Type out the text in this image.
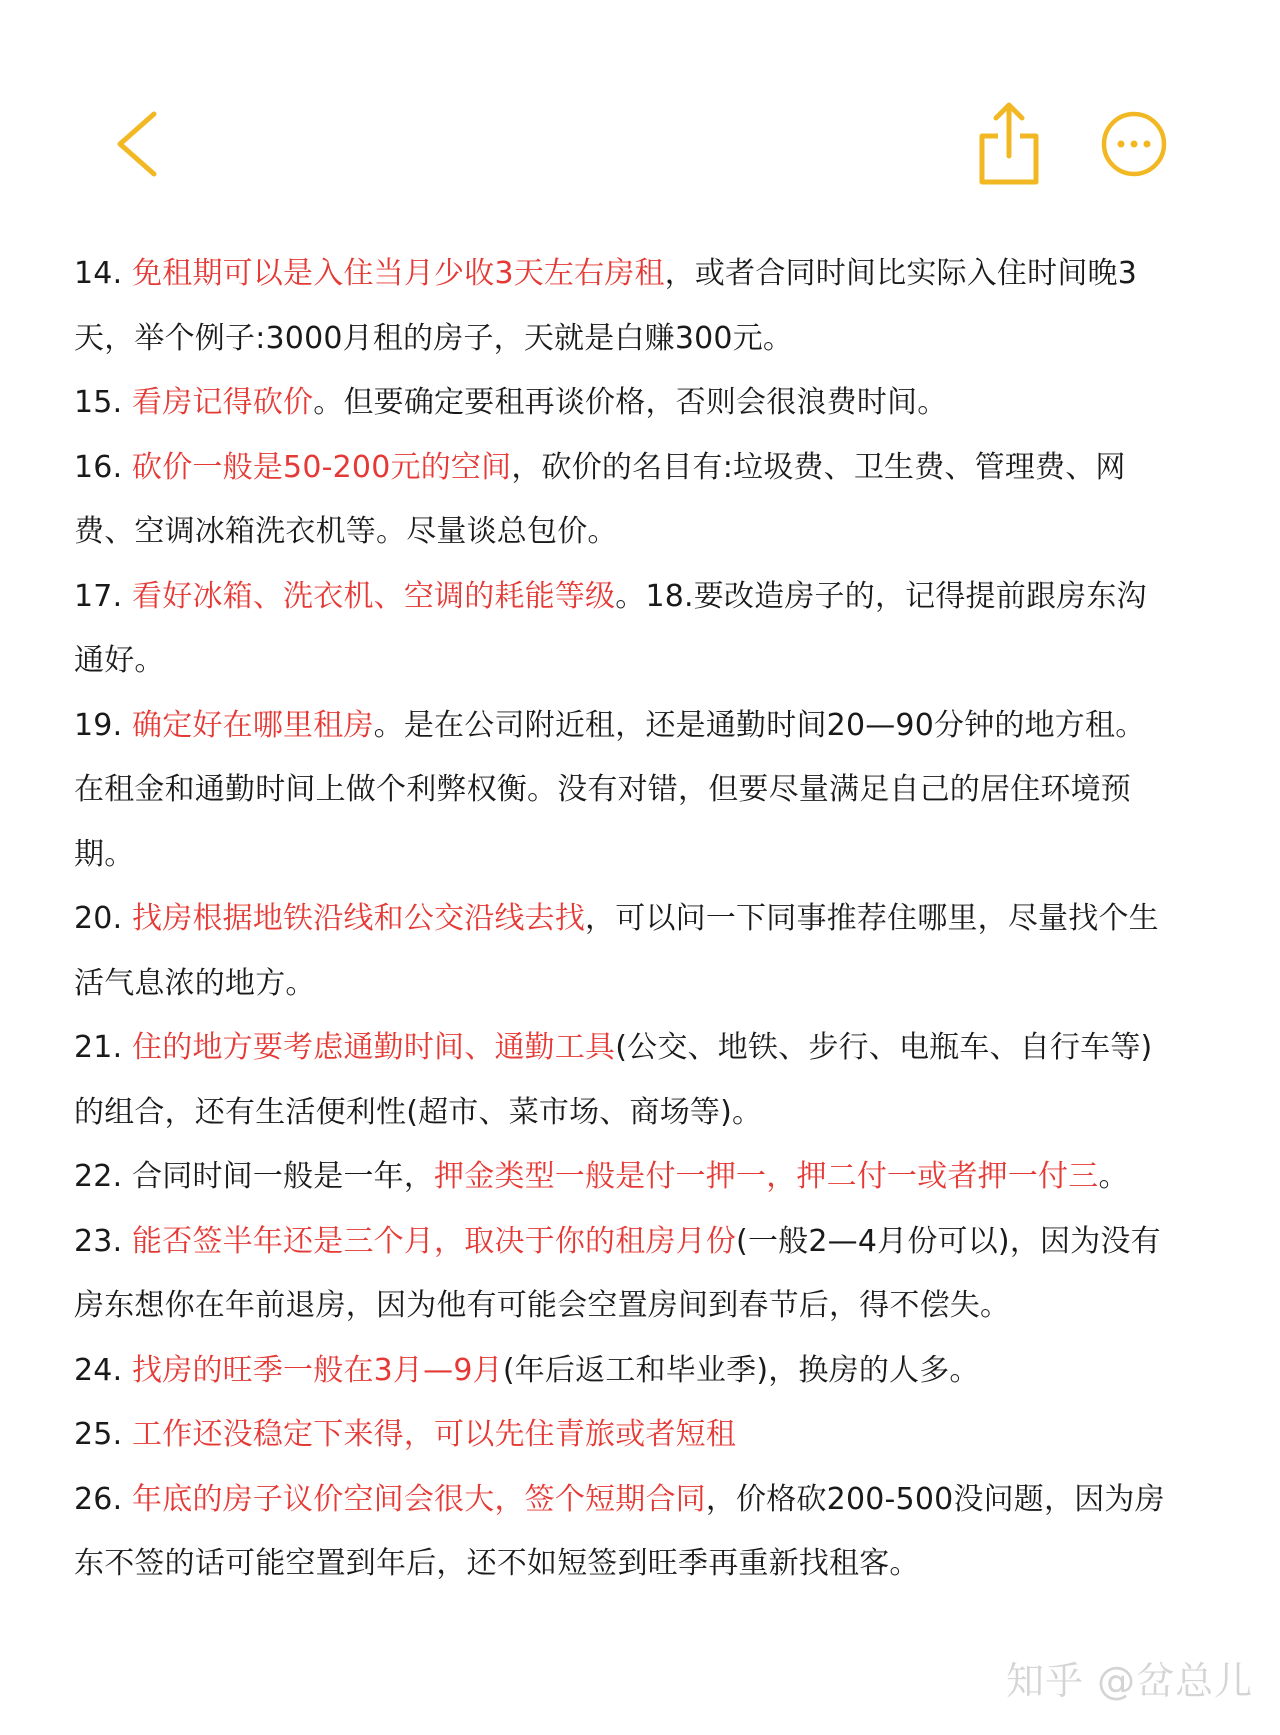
14. 免租期可以是入住当月少收3天左右房租，或者合同时间比实际入住时间晚3
天，举个例子:3000月租的房子，天就是白赚300元。
15. 看房记得砍价。但要确定要租再谈价格，否则会很浪费时间。
16. 砍价一般是50-200元的空间，砍价的名目有:垃圾费、卫生费、管理费、网
费、空调冰箱洗衣机等。尽量谈总包价。
17. 看好冰箱、洗衣机、空调的耗能等级。18.要改造房子的，记得提前跟房东沟
通好。
19. 确定好在哪里租房。是在公司附近租，还是通勤时间20—90分钟的地方租。
在租金和通勤时间上做个利弊权衡。没有对错，但要尽量满足自己的居住环境预
期。
20. 找房根据地铁沿线和公交沿线去找，可以问一下同事推荐住哪里，尽量找个生
活气息浓的地方。
21. 住的地方要考虑通勤时间、通勤工具(公交、地铁、步行、电瓶车、自行车等)
的组合，还有生活便利性(超市、菜市场、商场等)。
22. 合同时间一般是一年，押金类型一般是付一押一，押二付一或者押一付三。
23. 能否签半年还是三个月，取决于你的租房月份(一般2—4月份可以)，因为没有
房东想你在年前退房，因为他有可能会空置房间到春节后，得不偿失。
24. 找房的旺季一般在3月—9月(年后返工和毕业季)，换房的人多。
25. 工作还没稳定下来得，可以先住青旅或者短租
26. 年底的房子议价空间会很大，签个短期合同，价格砍200-500没问题，因为房
东不签的话可能空置到年后，还不如短签到旺季再重新找租客。
知乎 @岔总儿
